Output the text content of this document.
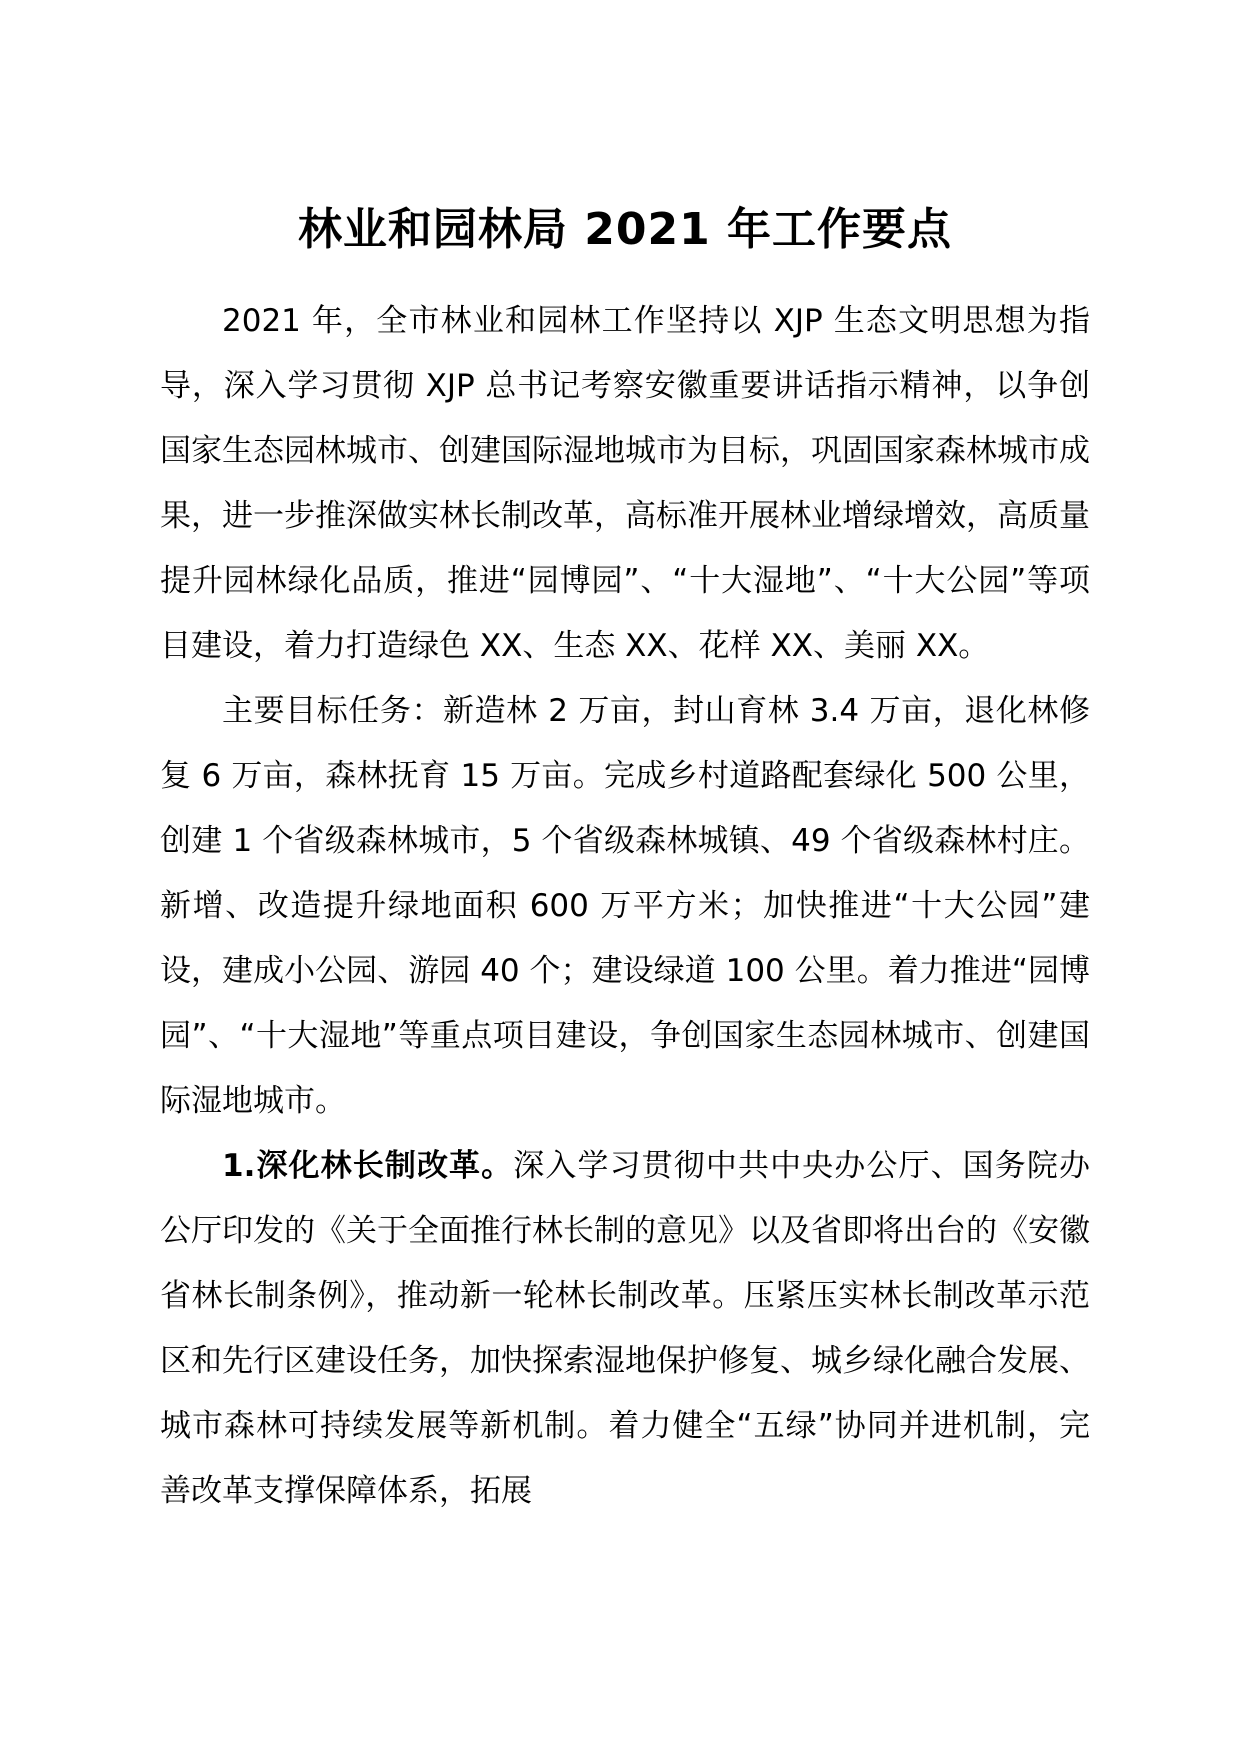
林业和园林局 2021 年工作要点

2021 年，全市林业和园林工作坚持以 XJP 生态文明思想为指导，深入学习贯彻 XJP 总书记考察安徽重要讲话指示精神，以争创国家生态园林城市、创建国际湿地城市为目标，巩固国家森林城市成果，进一步推深做实林长制改革，高标准开展林业增绿增效，高质量提升园林绿化品质，推进“园博园”、“十大湿地”、“十大公园”等项目建设，着力打造绿色 XX、生态 XX、花样 XX、美丽 XX。

主要目标任务：新造林 2 万亩，封山育林 3.4 万亩，退化林修复 6 万亩，森林抚育 15 万亩。完成乡村道路配套绿化 500 公里，创建 1 个省级森林城市，5 个省级森林城镇、49 个省级森林村庄。新增、改造提升绿地面积 600 万平方米；加快推进“十大公园”建设，建成小公园、游园 40 个；建设绿道 100 公里。着力推进“园博园”、“十大湿地”等重点项目建设，争创国家生态园林城市、创建国际湿地城市。

1.深化林长制改革。深入学习贯彻中共中央办公厅、国务院办公厅印发的《关于全面推行林长制的意见》以及省即将出台的《安徽省林长制条例》，推动新一轮林长制改革。压紧压实林长制改革示范区和先行区建设任务，加快探索湿地保护修复、城乡绿化融合发展、城市森林可持续发展等新机制。着力健全“五绿”协同并进机制，完善改革支撑保障体系，拓展
